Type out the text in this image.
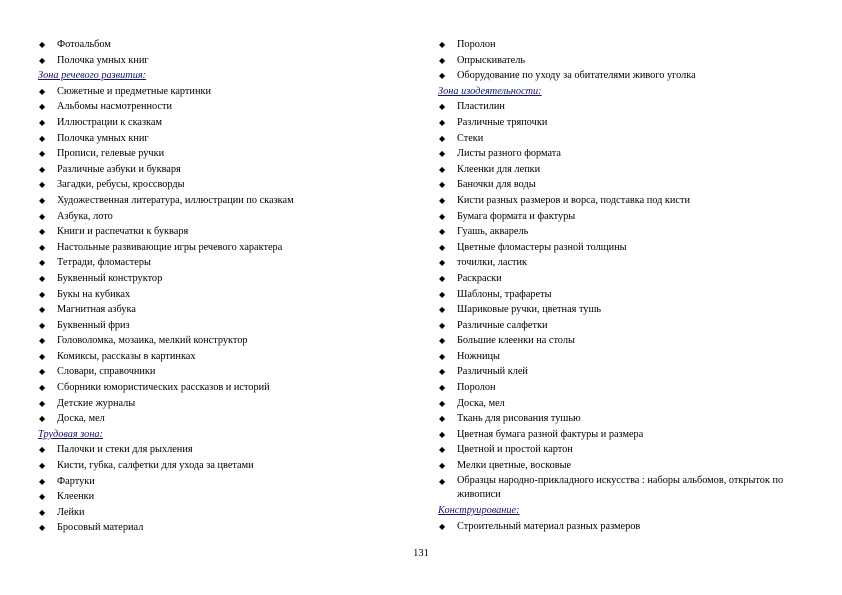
◆ Фотоальбом
◆ Полочка умных книг
Зона речевого развития:
◆ Сюжетные и предметные картинки
◆ Альбомы насмотренности
◆ Иллюстрации к сказкам
◆ Полочка умных книг
◆ Прописи, гелевые ручки
◆ Различные азбуки и букваря
◆ Загадки, ребусы, кроссворды
◆ Художественная литература, иллюстрации по сказкам
◆ Азбука, лото
◆ Книги и распечатки к букваря
◆ Настольные развивающие игры речевого характера
◆ Тетради, фломастеры
◆ Буквенный конструктор
◆ Букы на кубиках
◆ Магнитная азбука
◆ Буквенный фриз
◆ Головоломка, мозаика, мелкий конструктор
◆ Комиксы, рассказы в картинках
◆ Словари, справочники
◆ Сборники юмористических рассказов и историй
◆ Детские журналы
◆ Доска, мел
Трудовая зона:
◆ Палочки и стеки для рыхления
◆ Кисти, губка, салфетки для ухода за цветами
◆ Фартуки
◆ Клеенки
◆ Лейки
◆ Бросовый материал
◆ Поролон
◆ Опрыскиватель
◆ Оборудование по уходу за обитателями живого уголка
Зона изодеятельности:
◆ Пластилин
◆ Различные тряпочки
◆ Стеки
◆ Листы разного формата
◆ Клеенки для лепки
◆ Баночки для воды
◆ Кисти разных размеров и ворса, подставка под кисти
◆ Бумага формата и фактуры
◆ Гуашь, акварель
◆ Цветные фломастеры разной толщины
◆ точилки, ластик
◆ Раскраски
◆ Шаблоны, трафареты
◆ Шариковые ручки, цветная тушь
◆ Различные салфетки
◆ Большие клеенки на столы
◆ Ножницы
◆ Различный клей
◆ Поролон
◆ Доска, мел
◆ Ткань для рисования тушью
◆ Цветная бумага разной фактуры и размера
◆ Цветной и простой картон
◆ Мелки цветные, восковые
◆ Образцы народно-прикладного искусства : наборы альбомов, открыток по живописи
Конструирование:
◆ Строительный материал разных размеров
131
